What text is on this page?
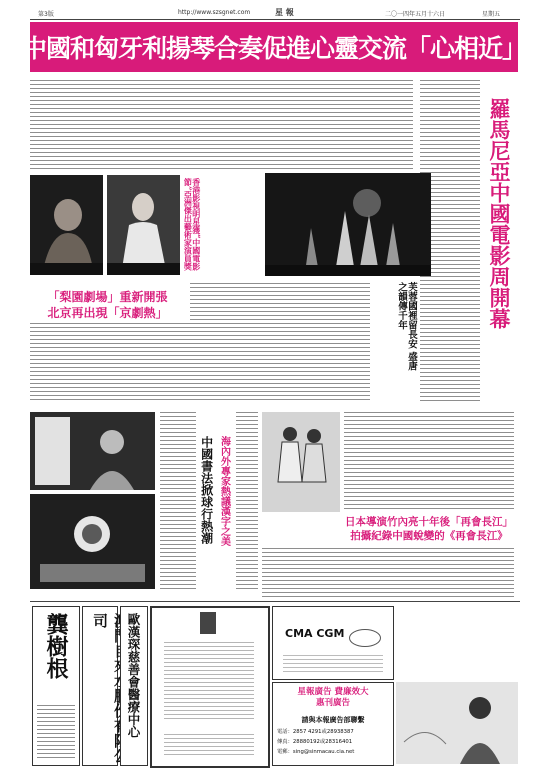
第3版	http://www.szsgnet.com	星 報	二〇一四年五月十六日	星期五
中國和匈牙利揚琴合奏促進心靈交流「心相近」
羅馬尼亞中國電影周開幕
香港影視明星獲“中國電影節”亞洲傑出藝術家演員獎
「梨園劇場」重新開張
北京再出現「京劇熱」	芙蓉國裡留長安 盛唐之韻傳千年
中國書法掀球行熱潮 海內外專家熱議漢字之美	日本導演竹內亮十年後「再會長江」
拍攝紀錄中國蛻變的《再會長江》
龔樹根 司	歐漢琛慈善會醫療中心	CMA CGM
星報廣告 費廉效大
惠刊廣告
請與本報廣告部聯繫
電話：2857 4291或28938387
傳真：28880192或28316401
電郵：sing@sinmacau.cia.net
